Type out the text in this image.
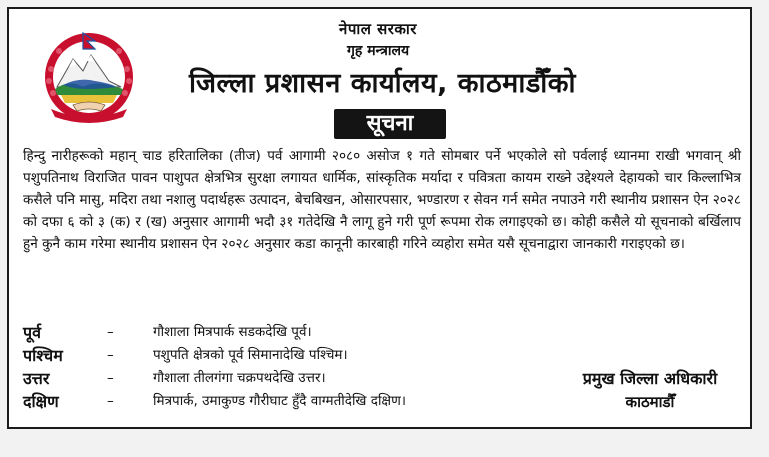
नेपाल सरकार
गृह मन्त्रालय
जिल्ला प्रशासन कार्यालय, काठमाडौँको
सूचना
हिन्दु नारीहरूको महान् चाड हरितालिका (तीज) पर्व आगामी २०८० असोज १ गते सोमबार पर्ने भएकोले सो पर्वलाई ध्यानमा राखी भगवान् श्री पशुपतिनाथ विराजित पावन पाशुपत क्षेत्रभित्र सुरक्षा लगायत धार्मिक, सांस्कृतिक मर्यादा र पवित्रता कायम राख्ने उद्देश्यले देहायको चार किल्लाभित्र कसैले पनि मासु, मदिरा तथा नशालु पदार्थहरू उत्पादन, बेचबिखन, ओसारपसार, भण्डारण र सेवन गर्न समेत नपाउने गरी स्थानीय प्रशासन ऐन २०२८ को दफा ६ को ३ (क) र (ख) अनुसार आगामी भदौ ३१ गतेदेखि नै लागू हुने गरी पूर्ण रूपमा रोक लगाइएको छ। कोही कसैले यो सूचनाको बर्खिलाप हुने कुनै काम गरेमा स्थानीय प्रशासन ऐन २०२८ अनुसार कडा कानूनी कारबाही गरिने व्यहोरा समेत यसै सूचनाद्वारा जानकारी गराइएको छ।
पूर्व	–	गौशाला मित्रपार्क सडकदेखि पूर्व।
पश्चिम	–	पशुपति क्षेत्रको पूर्व सिमानादेखि पश्चिम।
उत्तर	–	गौशाला तीलगंगा चक्रपथदेखि उत्तर।
दक्षिण	–	मित्रपार्क, उमाकुण्ड गौरीघाट हुँदै वाग्मतीदेखि दक्षिण।
प्रमुख जिल्ला अधिकारी
काठमाडौँ
